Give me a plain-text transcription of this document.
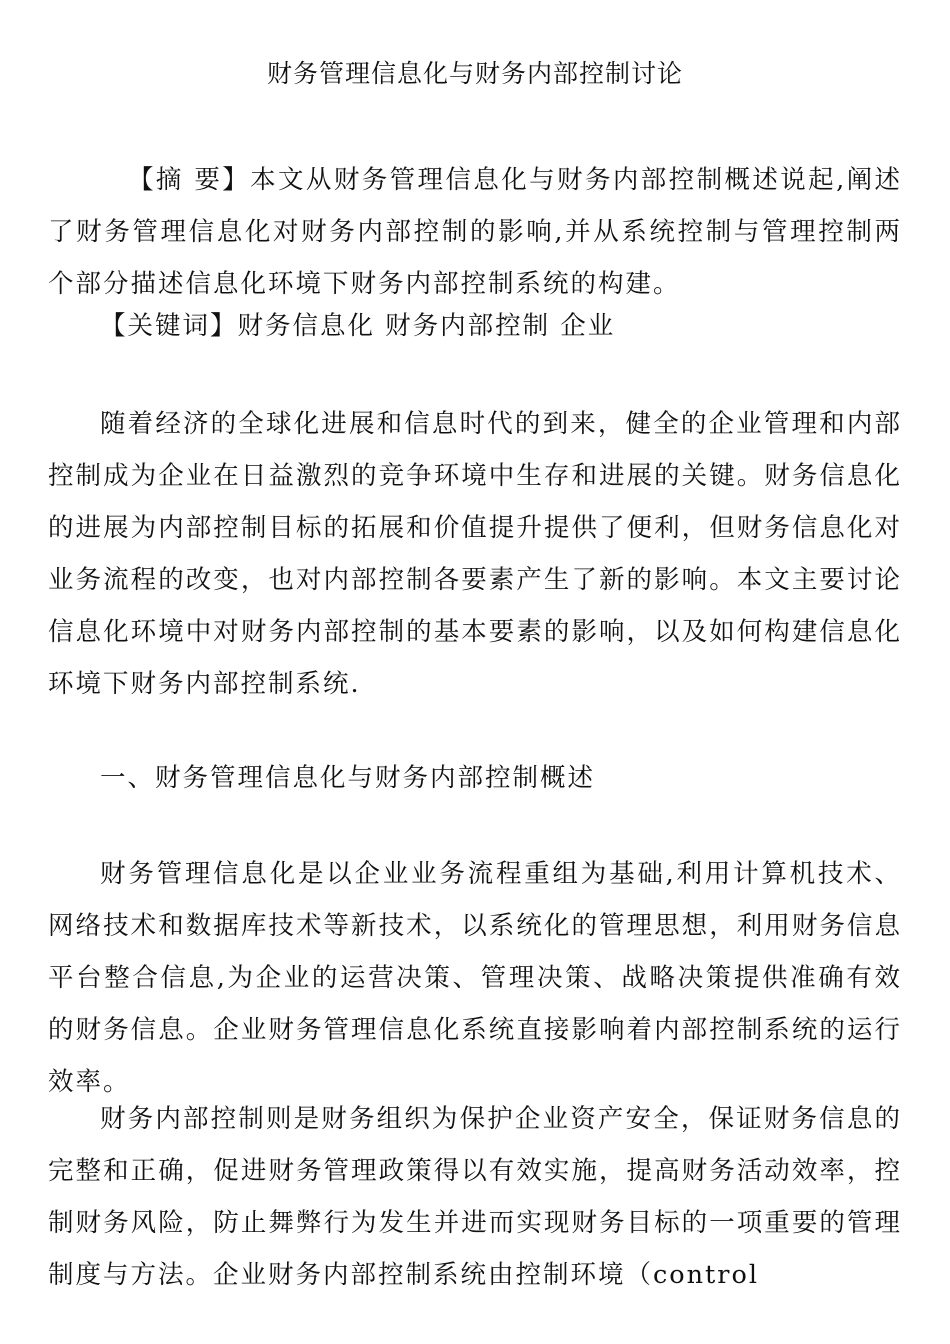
财务管理信息化与财务内部控制讨论

【摘 要】本文从财务管理信息化与财务内部控制概述说起,阐述了财务管理信息化对财务内部控制的影响,并从系统控制与管理控制两个部分描述信息化环境下财务内部控制系统的构建。

【关键词】财务信息化 财务内部控制 企业

随着经济的全球化进展和信息时代的到来，健全的企业管理和内部控制成为企业在日益激烈的竞争环境中生存和进展的关键。财务信息化的进展为内部控制目标的拓展和价值提升提供了便利，但财务信息化对业务流程的改变，也对内部控制各要素产生了新的影响。本文主要讨论信息化环境中对财务内部控制的基本要素的影响，以及如何构建信息化环境下财务内部控制系统.

一、财务管理信息化与财务内部控制概述

财务管理信息化是以企业业务流程重组为基础,利用计算机技术、网络技术和数据库技术等新技术，以系统化的管理思想，利用财务信息平台整合信息,为企业的运营决策、管理决策、战略决策提供准确有效的财务信息。企业财务管理信息化系统直接影响着内部控制系统的运行效率。

财务内部控制则是财务组织为保护企业资产安全，保证财务信息的完整和正确，促进财务管理政策得以有效实施，提高财务活动效率，控制财务风险，防止舞弊行为发生并进而实现财务目标的一项重要的管理制度与方法。企业财务内部控制系统由控制环境（control
